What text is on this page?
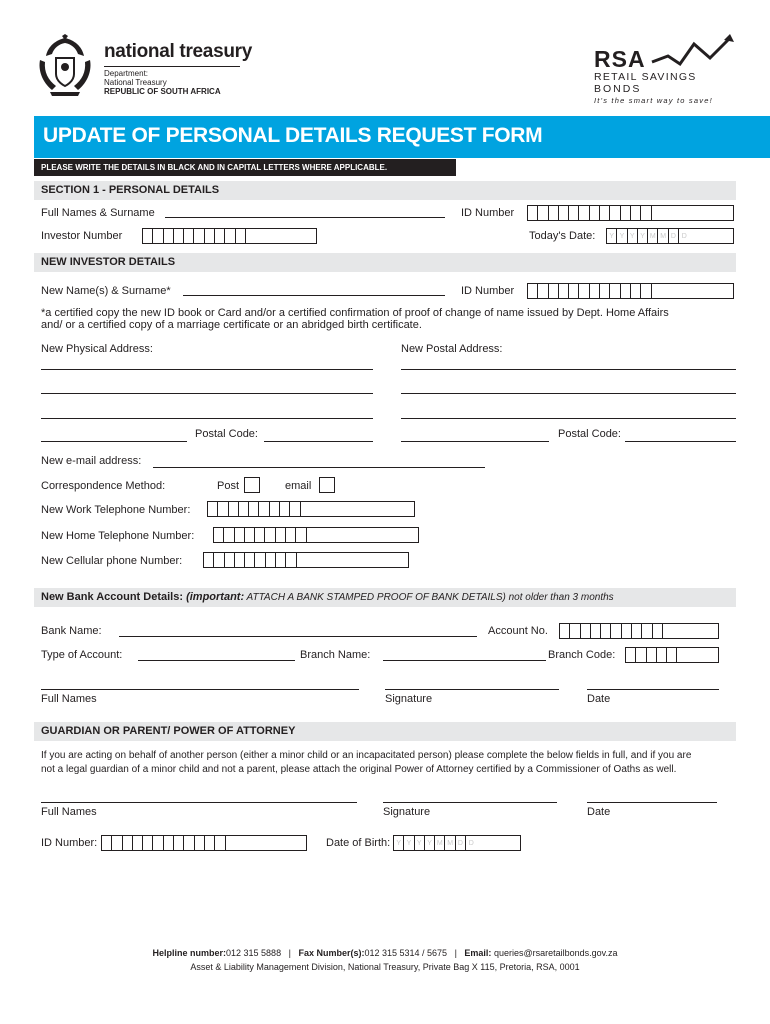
national treasury
Department:
National Treasury
REPUBLIC OF SOUTH AFRICA
RSA
RETAIL SAVINGS
BONDS
It's the smart way to save!
UPDATE OF PERSONAL DETAILS REQUEST FORM
PLEASE WRITE THE DETAILS IN BLACK AND IN CAPITAL LETTERS WHERE APPLICABLE.
SECTION 1 - PERSONAL DETAILS
Full Names & Surname	ID Number
Investor Number	Today's Date:	Y Y Y Y M M D D
NEW INVESTOR DETAILS
New Name(s) & Surname*	ID Number
*a certified copy the new ID book or Card and/or a certified confirmation of proof of change of name issued by Dept. Home Affairs
and/ or a certified copy of a marriage certificate or an abridged birth certificate.
New Physical Address:	New Postal Address:
Postal Code:	Postal Code:
New e-mail address:
Correspondence Method:	Post	email
New Work Telephone Number:
New Home Telephone Number:
New Cellular phone Number:
New Bank Account Details: (important: ATTACH A BANK STAMPED PROOF OF BANK DETAILS) not older than 3 months
Bank Name:	Account No.
Type of Account:	Branch Name:	Branch Code:
Full Names	Signature	Date
GUARDIAN OR PARENT/ POWER OF ATTORNEY
If you are acting on behalf of another person (either a minor child or an incapacitated person) please complete the below fields in full, and if you are
not a legal guardian of a minor child and not a parent, please attach the original Power of Attorney certified by a Commissioner of Oaths as well.
Full Names	Signature	Date
ID Number:	Date of Birth: Y Y Y Y M M D D
Helpline number:012 315 5888 | Fax Number(s):012 315 5314 / 5675 | Email: queries@rsaretailbonds.gov.za
Asset & Liability Management Division, National Treasury, Private Bag X 115, Pretoria, RSA, 0001
